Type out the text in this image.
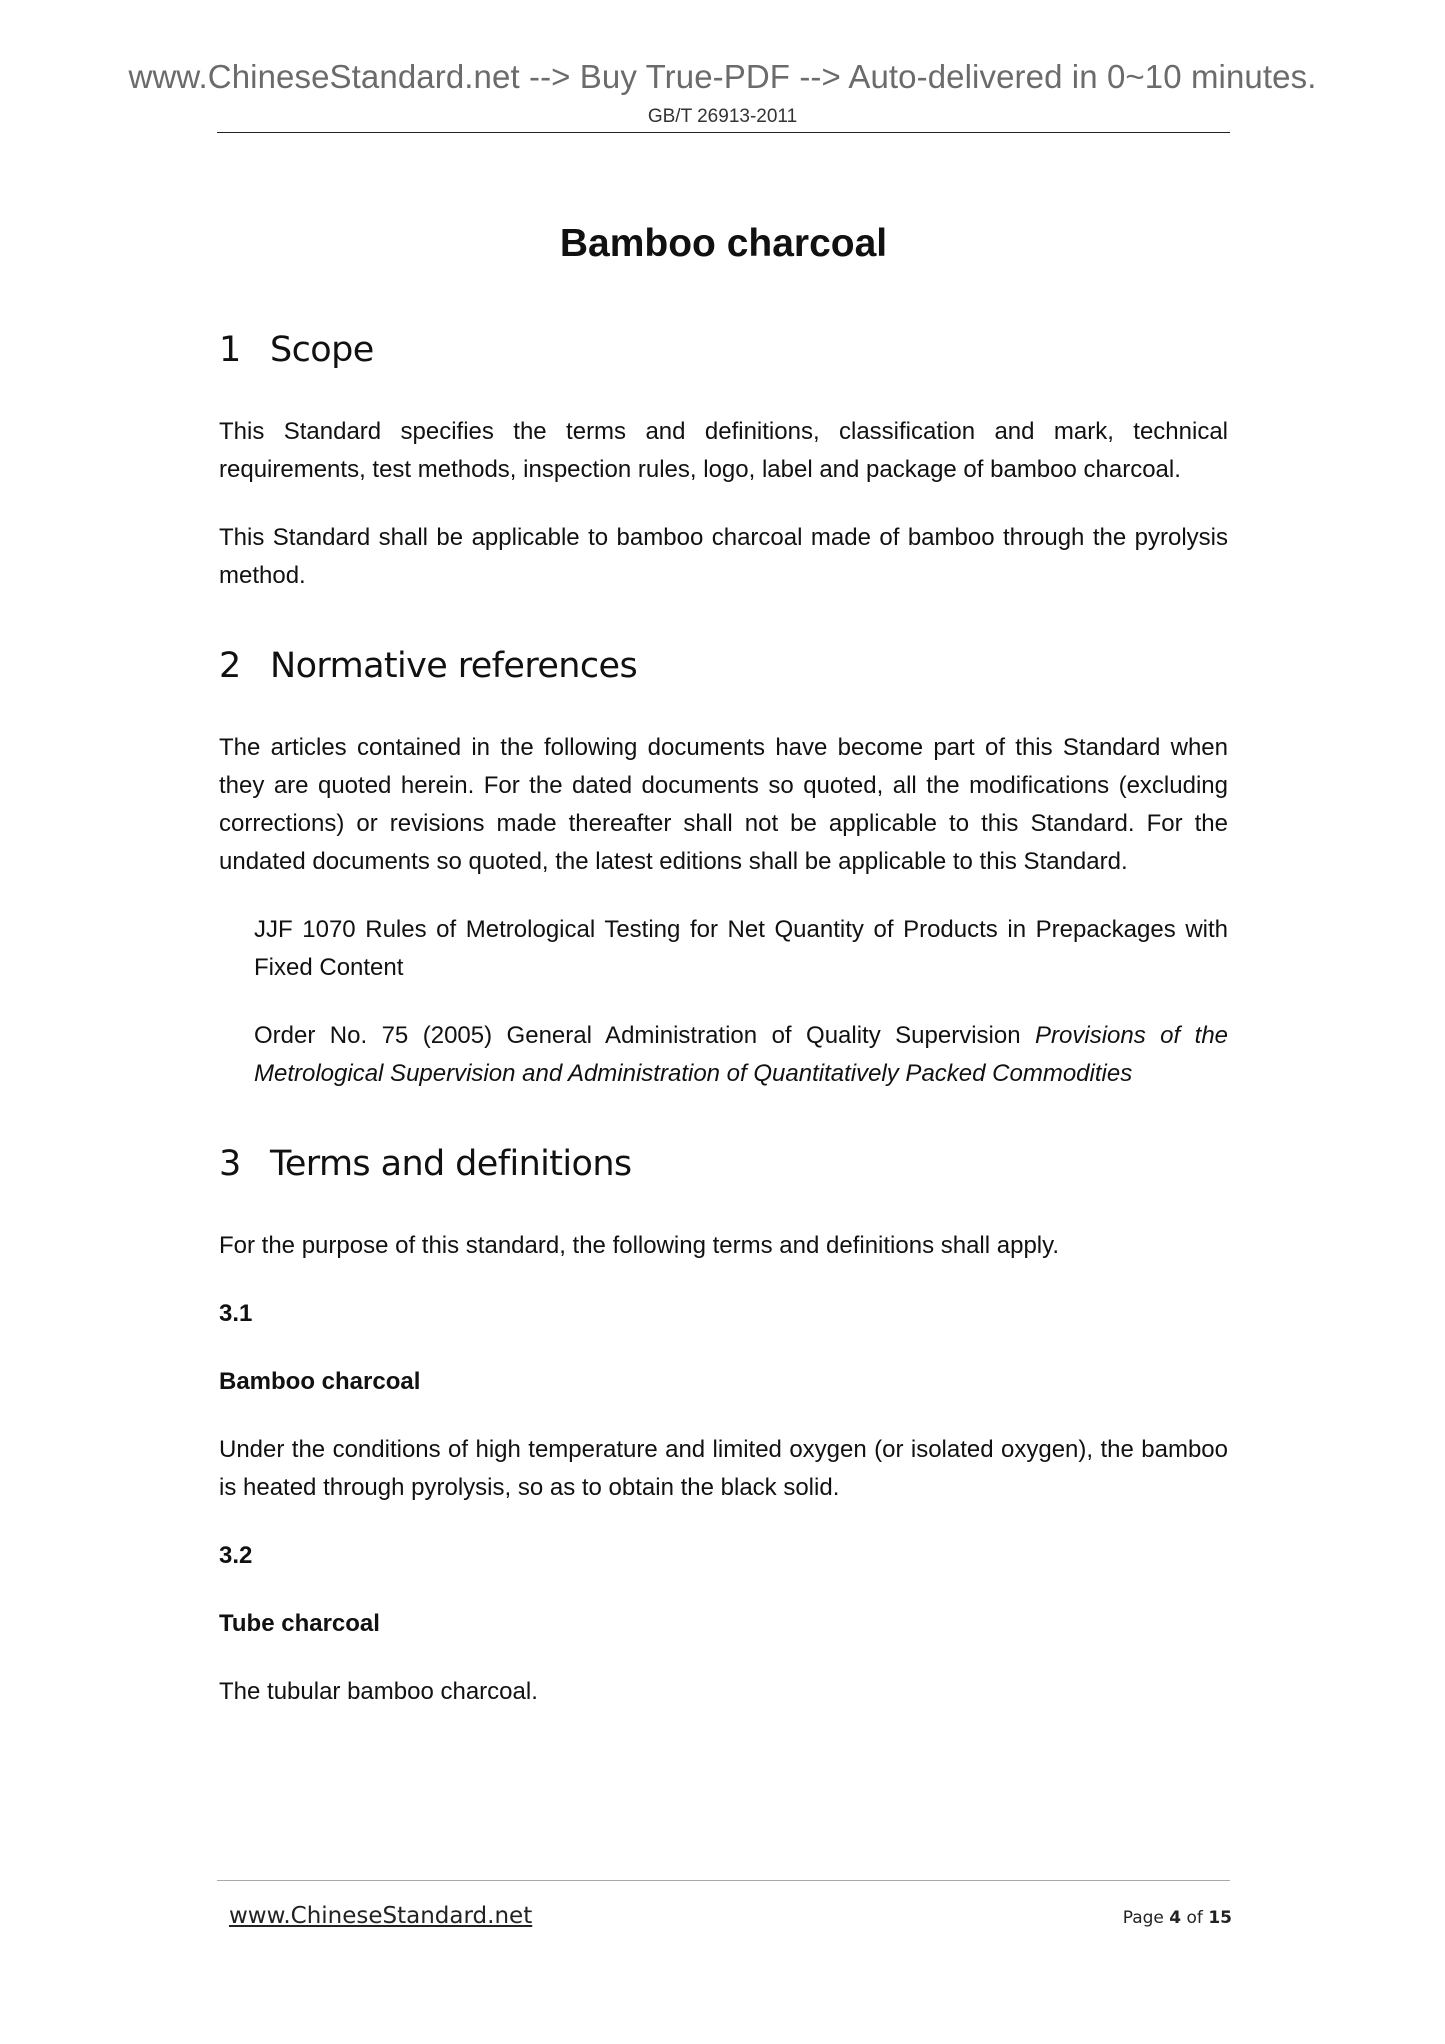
www.ChineseStandard.net --> Buy True-PDF --> Auto-delivered in 0~10 minutes.
GB/T 26913-2011
Bamboo charcoal
1 Scope

This Standard specifies the terms and definitions, classification and mark, technical requirements, test methods, inspection rules, logo, label and package of bamboo charcoal.

This Standard shall be applicable to bamboo charcoal made of bamboo through the pyrolysis method.

2 Normative references

The articles contained in the following documents have become part of this Standard when they are quoted herein. For the dated documents so quoted, all the modifications (excluding corrections) or revisions made thereafter shall not be applicable to this Standard. For the undated documents so quoted, the latest editions shall be applicable to this Standard.

JJF 1070 Rules of Metrological Testing for Net Quantity of Products in Prepackages with Fixed Content

Order No. 75 (2005) General Administration of Quality Supervision Provisions of the Metrological Supervision and Administration of Quantitatively Packed Commodities

3 Terms and definitions

For the purpose of this standard, the following terms and definitions shall apply.

3.1
Bamboo charcoal

Under the conditions of high temperature and limited oxygen (or isolated oxygen), the bamboo is heated through pyrolysis, so as to obtain the black solid.

3.2
Tube charcoal

The tubular bamboo charcoal.

www.ChineseStandard.net	Page 4 of 15
